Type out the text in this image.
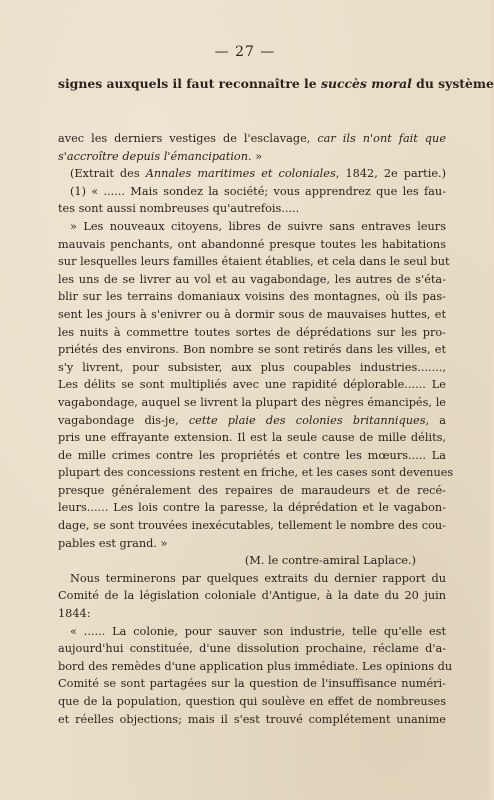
— 27 —
signes auxquels il faut reconnaître le succès moral du système
avec les derniers vestiges de l'esclavage, car ils n'ont fait que
s'accroître depuis l'émancipation. »
(Extrait des Annales maritimes et coloniales, 1842, 2e partie.)
(1) « ...... Mais sondez la société; vous apprendrez que les fau-
tes sont aussi nombreuses qu'autrefois.....
» Les nouveaux citoyens, libres de suivre sans entraves leurs
mauvais penchants, ont abandonné presque toutes les habitations
sur lesquelles leurs familles étaient établies, et cela dans le seul but
les uns de se livrer au vol et au vagabondage, les autres de s'éta-
blir sur les terrains domaniaux voisins des montagnes, où ils pas-
sent les jours à s'enivrer ou à dormir sous de mauvaises huttes, et
les nuits à commettre toutes sortes de déprédations sur les pro-
priétés des environs. Bon nombre se sont retirés dans les villes, et
s'y livrent, pour subsister, aux plus coupables industries.......,
Les délits se sont multipliés avec une rapidité déplorable...... Le
vagabondage, auquel se livrent la plupart des nègres émancipés, le
vagabondage dis-je, cette plaie des colonies britanniques, a
pris une effrayante extension. Il est la seule cause de mille délits,
de mille crimes contre les propriétés et contre les mœurs..... La
plupart des concessions restent en friche, et les cases sont devenues
presque généralement des repaires de maraudeurs et de recé-
leurs...... Les lois contre la paresse, la déprédation et le vagabon-
dage, se sont trouvées inexécutables, tellement le nombre des cou-
pables est grand. »
(M. le contre-amiral Laplace.)
Nous terminerons par quelques extraits du dernier rapport du
Comité de la législation coloniale d'Antigue, à la date du 20 juin
1844:
« ...... La colonie, pour sauver son industrie, telle qu'elle est
aujourd'hui constituée, d'une dissolution prochaine, réclame d'a-
bord des remèdes d'une application plus immédiate. Les opinions du
Comité se sont partagées sur la question de l'insuffisance numéri-
que de la population, question qui soulève en effet de nombreuses
et réelles objections; mais il s'est trouvé complétement unanime
